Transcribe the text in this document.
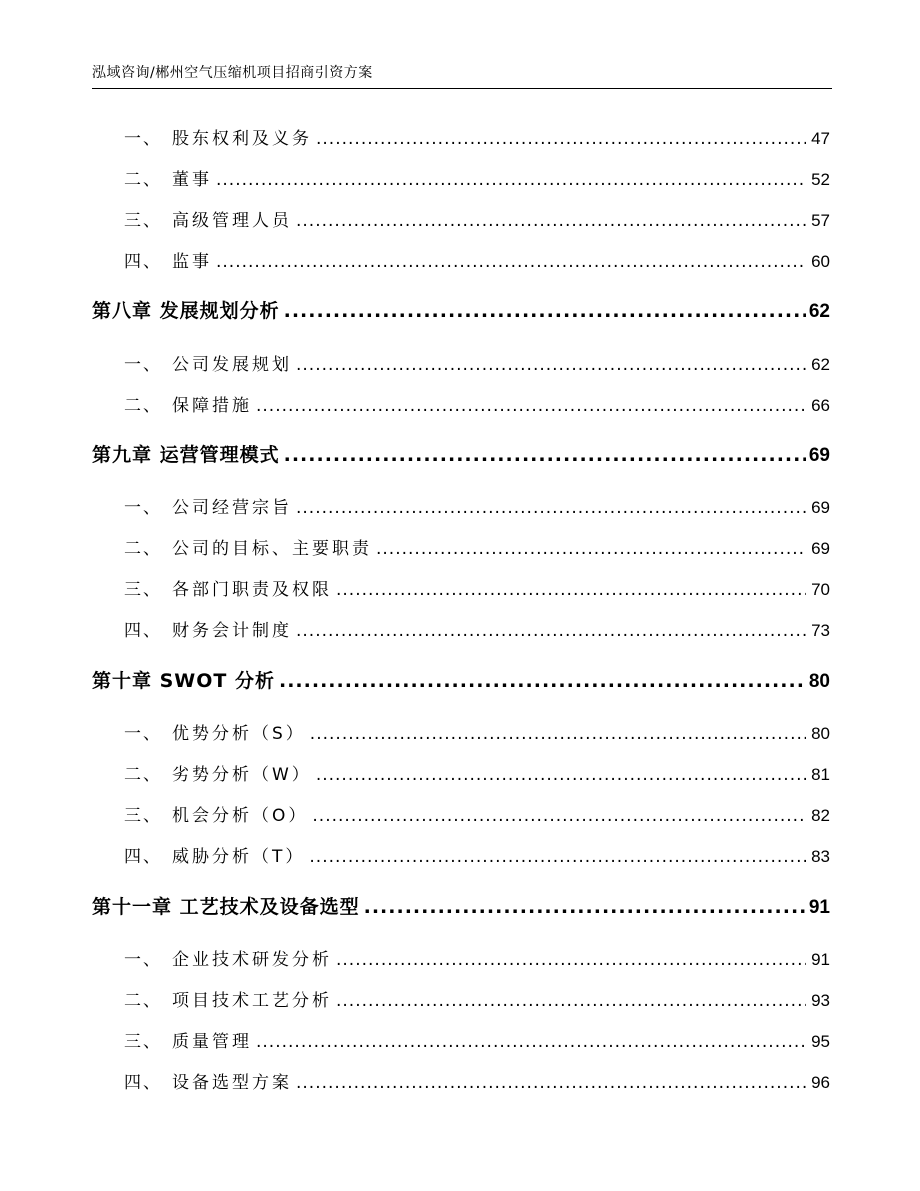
泓域咨询/郴州空气压缩机项目招商引资方案
一、 股东权利及义务 .....	47
二、 董事 .....	52
三、 高级管理人员 .....	57
四、 监事 .....	60
第八章 发展规划分析 .....	62
一、 公司发展规划 .....	62
二、 保障措施 .....	66
第九章 运营管理模式 .....	69
一、 公司经营宗旨 .....	69
二、 公司的目标、主要职责 .....	69
三、 各部门职责及权限 .....	70
四、 财务会计制度 .....	73
第十章 SWOT 分析 .....	80
一、 优势分析（S） .....	80
二、 劣势分析（W） .....	81
三、 机会分析（O） .....	82
四、 威胁分析（T） .....	83
第十一章 工艺技术及设备选型 .....	91
一、 企业技术研发分析 .....	91
二、 项目技术工艺分析 .....	93
三、 质量管理 .....	95
四、 设备选型方案 .....	96
